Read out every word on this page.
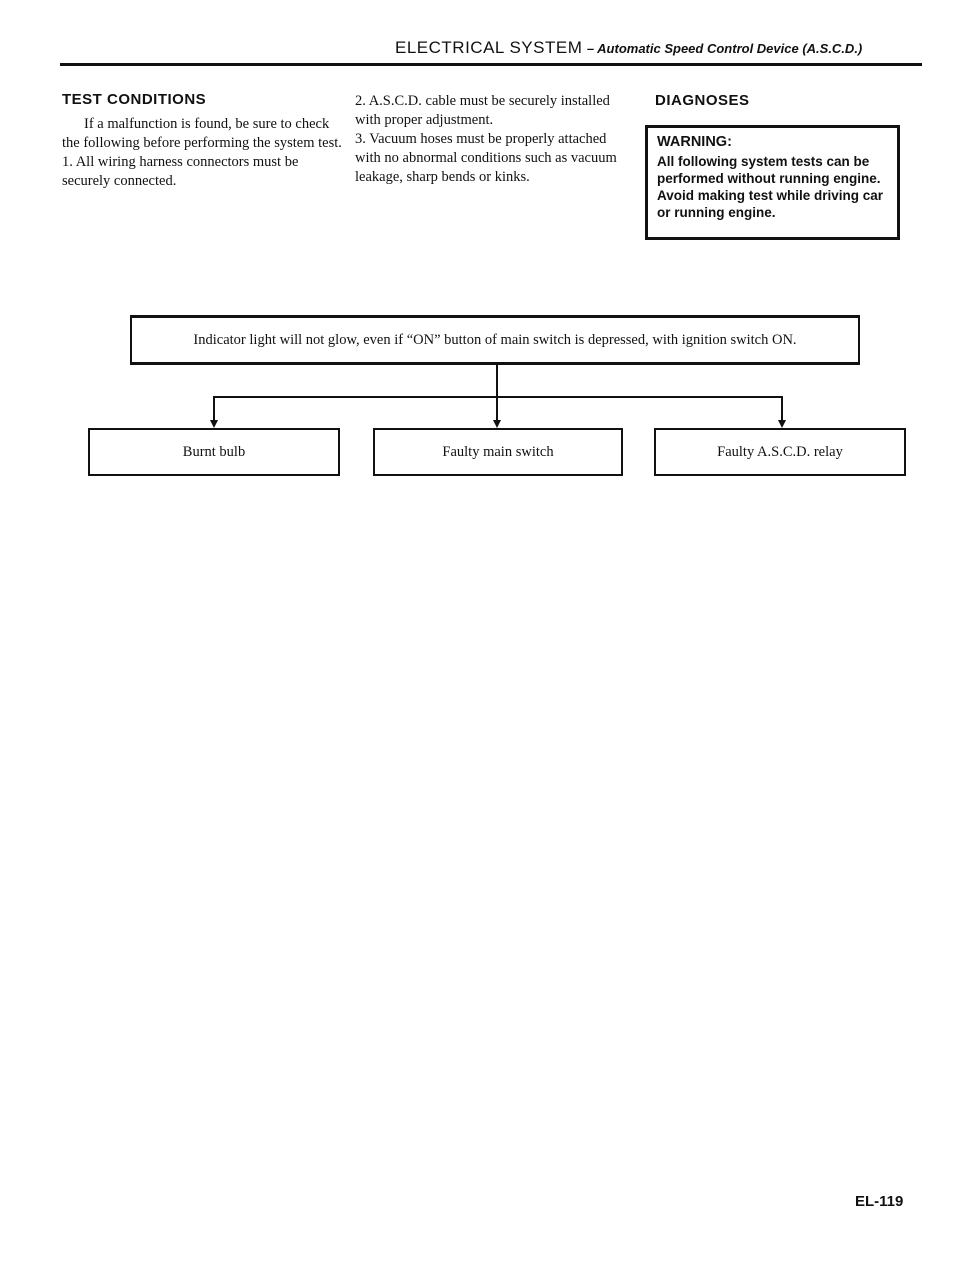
ELECTRICAL SYSTEM – Automatic Speed Control Device (A.S.C.D.)
TEST CONDITIONS
If a malfunction is found, be sure to check the following before performing the system test.
1. All wiring harness connectors must be securely connected.
2. A.S.C.D. cable must be securely installed with proper adjustment.
3. Vacuum hoses must be properly attached with no abnormal conditions such as vacuum leakage, sharp bends or kinks.
DIAGNOSES
WARNING:
All following system tests can be performed without running engine.
Avoid making test while driving car or running engine.
Indicator light will not glow, even if “ON” button of main switch is depressed, with ignition switch ON.
Burnt bulb	Faulty main switch	Faulty A.S.C.D. relay
EL-119
